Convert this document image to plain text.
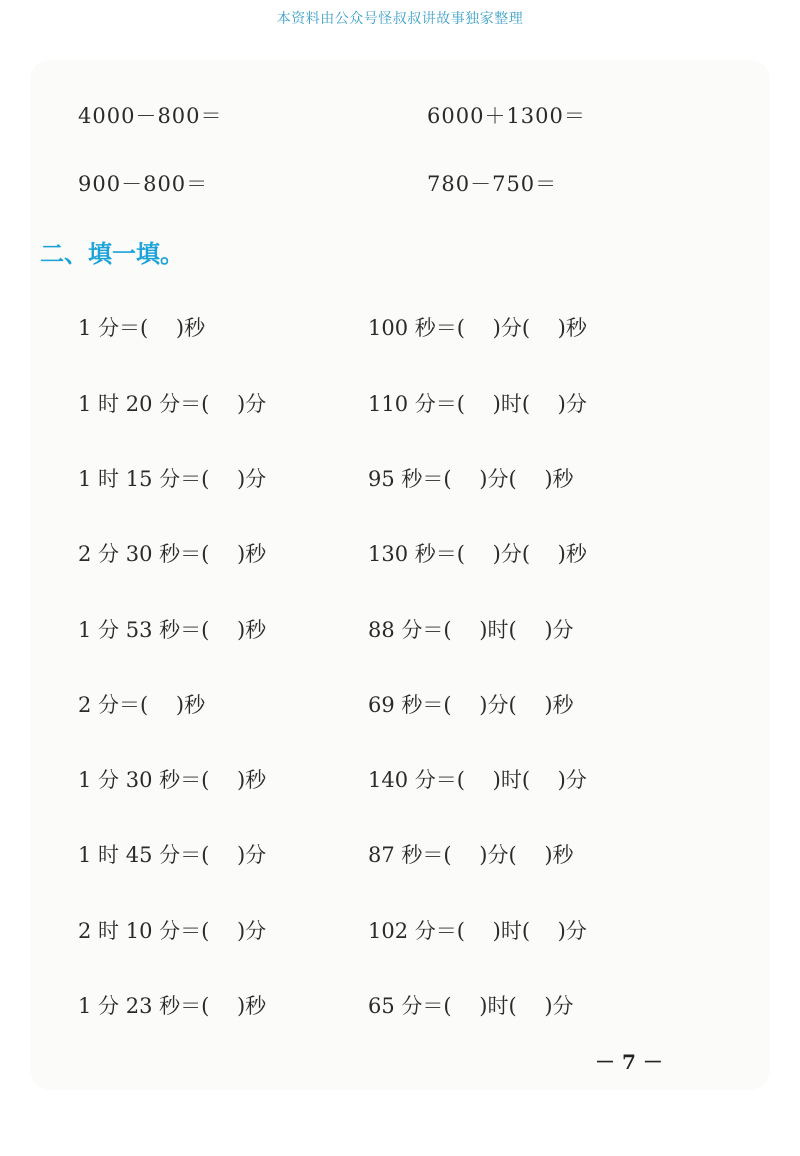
本资料由公众号怪叔叔讲故事独家整理
4000－800＝	6000＋1300＝
900－800＝	780－750＝
二、填一填。
1 分＝(　 )秒	100 秒＝(　 )分(　 )秒
1 时 20 分＝(　 )分	110 分＝(　 )时(　 )分
1 时 15 分＝(　 )分	95 秒＝(　 )分(　 )秒
2 分 30 秒＝(　 )秒	130 秒＝(　 )分(　 )秒
1 分 53 秒＝(　 )秒	88 分＝(　 )时(　 )分
2 分＝(　 )秒	69 秒＝(　 )分(　 )秒
1 分 30 秒＝(　 )秒	140 分＝(　 )时(　 )分
1 时 45 分＝(　 )分	87 秒＝(　 )分(　 )秒
2 时 10 分＝(　 )分	102 分＝(　 )时(　 )分
1 分 23 秒＝(　 )秒	65 分＝(　 )时(　 )分
－ 7 －
